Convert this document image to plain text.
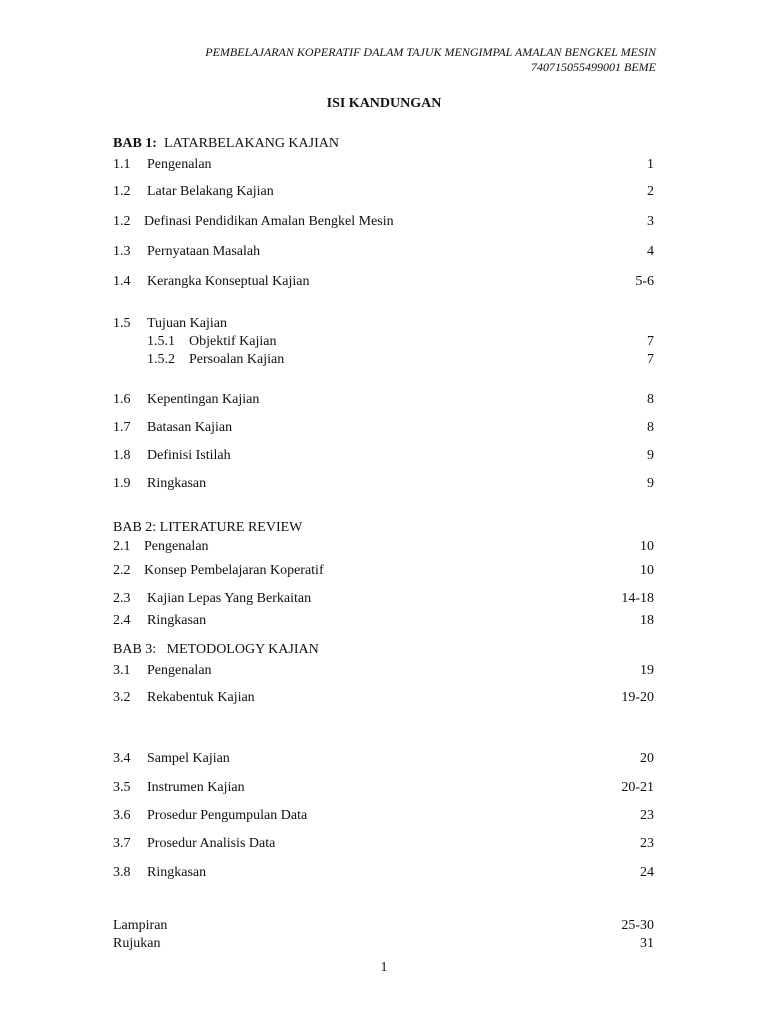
PEMBELAJARAN KOPERATIF DALAM TAJUK MENGIMPAL AMALAN BENGKEL MESIN
740715055499001 BEME
ISI KANDUNGAN
BAB 1: LATARBELAKANG KAJIAN
1.1 Pengenalan	1
1.2 Latar Belakang Kajian	2
1.2 Definasi Pendidikan Amalan Bengkel Mesin	3
1.3 Pernyataan Masalah	4
1.4 Kerangka Konseptual Kajian	5-6
1.5 Tujuan Kajian
1.5.1 Objektif Kajian	7
1.5.2 Persoalan Kajian	7
1.6 Kepentingan Kajian	8
1.7 Batasan Kajian	8
1.8 Definisi Istilah	9
1.9 Ringkasan	9
BAB 2: LITERATURE REVIEW
2.1 Pengenalan	10
2.2 Konsep Pembelajaran Koperatif	10
2.3 Kajian Lepas Yang Berkaitan	14-18
2.4 Ringkasan	18
BAB 3:   METODOLOGY KAJIAN
3.1 Pengenalan	19
3.2 Rekabentuk Kajian	19-20
3.4 Sampel Kajian	20
3.5 Instrumen Kajian	20-21
3.6 Prosedur Pengumpulan Data	23
3.7 Prosedur Analisis Data	23
3.8 Ringkasan	24
Lampiran	25-30
Rujukan	31
1
